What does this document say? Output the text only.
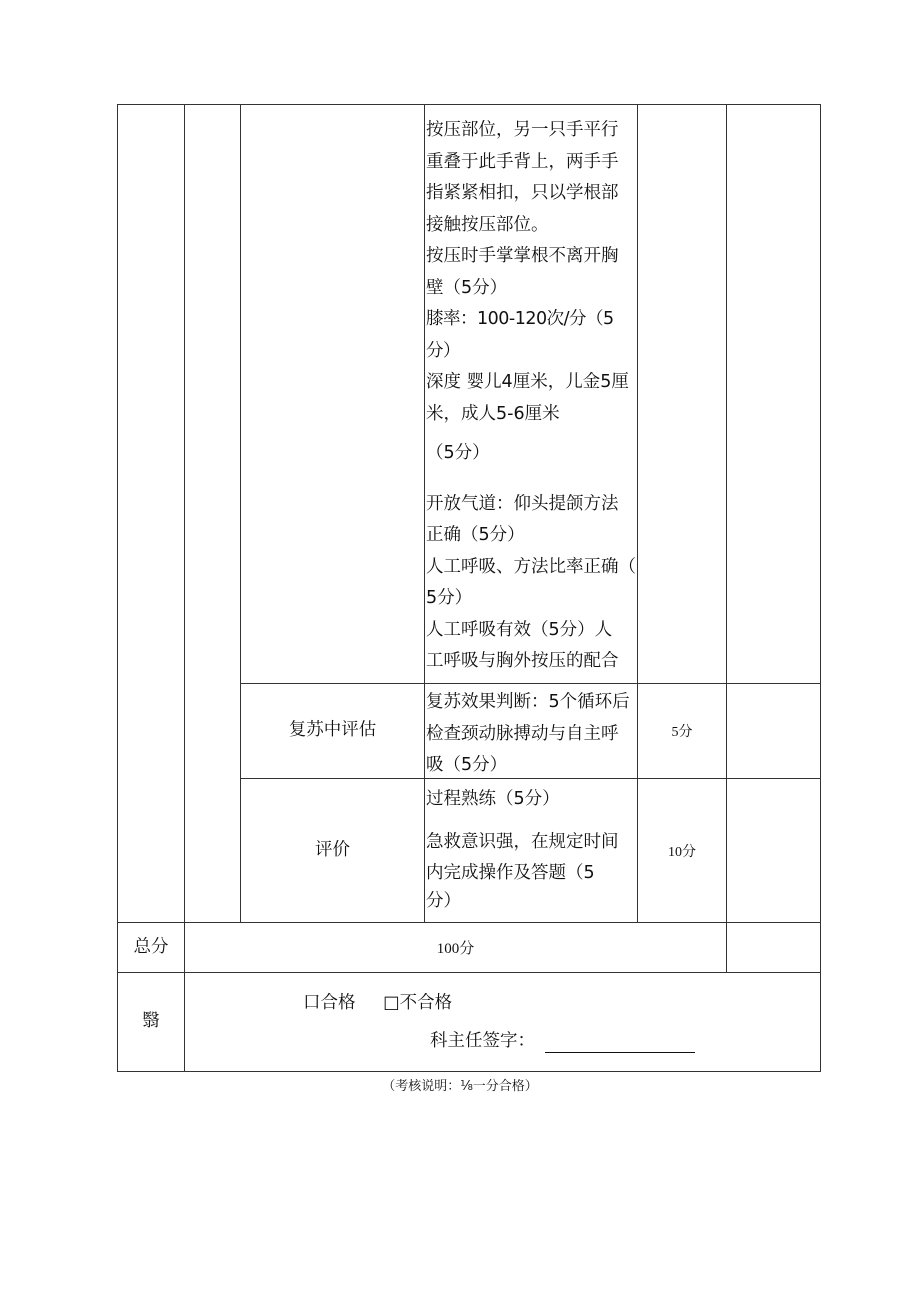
按压部位，另一只手平行
重叠于此手背上，两手手
指紧紧相扣，只以学根部
接触按压部位。
按压时手掌掌根不离开胸
壁（5分）
膝率：100-120次/分（5分）
深度 婴儿4厘米，儿金5厘
米，成人5-6厘米
（5分）
开放气道：仰头提颌方法
正确（5分）
人工呼吸、方法比率正确（
5分）
人工呼吸有效（5分）人
工呼吸与胸外按压的配合
复苏中评估
复苏效果判断：5个循环后
检查颈动脉搏动与自主呼
吸（5分）
5分
评价
过程熟练（5分）
急救意识强，在规定时间
内完成操作及答题（5
分）
10分
总分	100分
翳
口合格 □不合格
科主任签字：
（考核说明：⅛一分合格）
